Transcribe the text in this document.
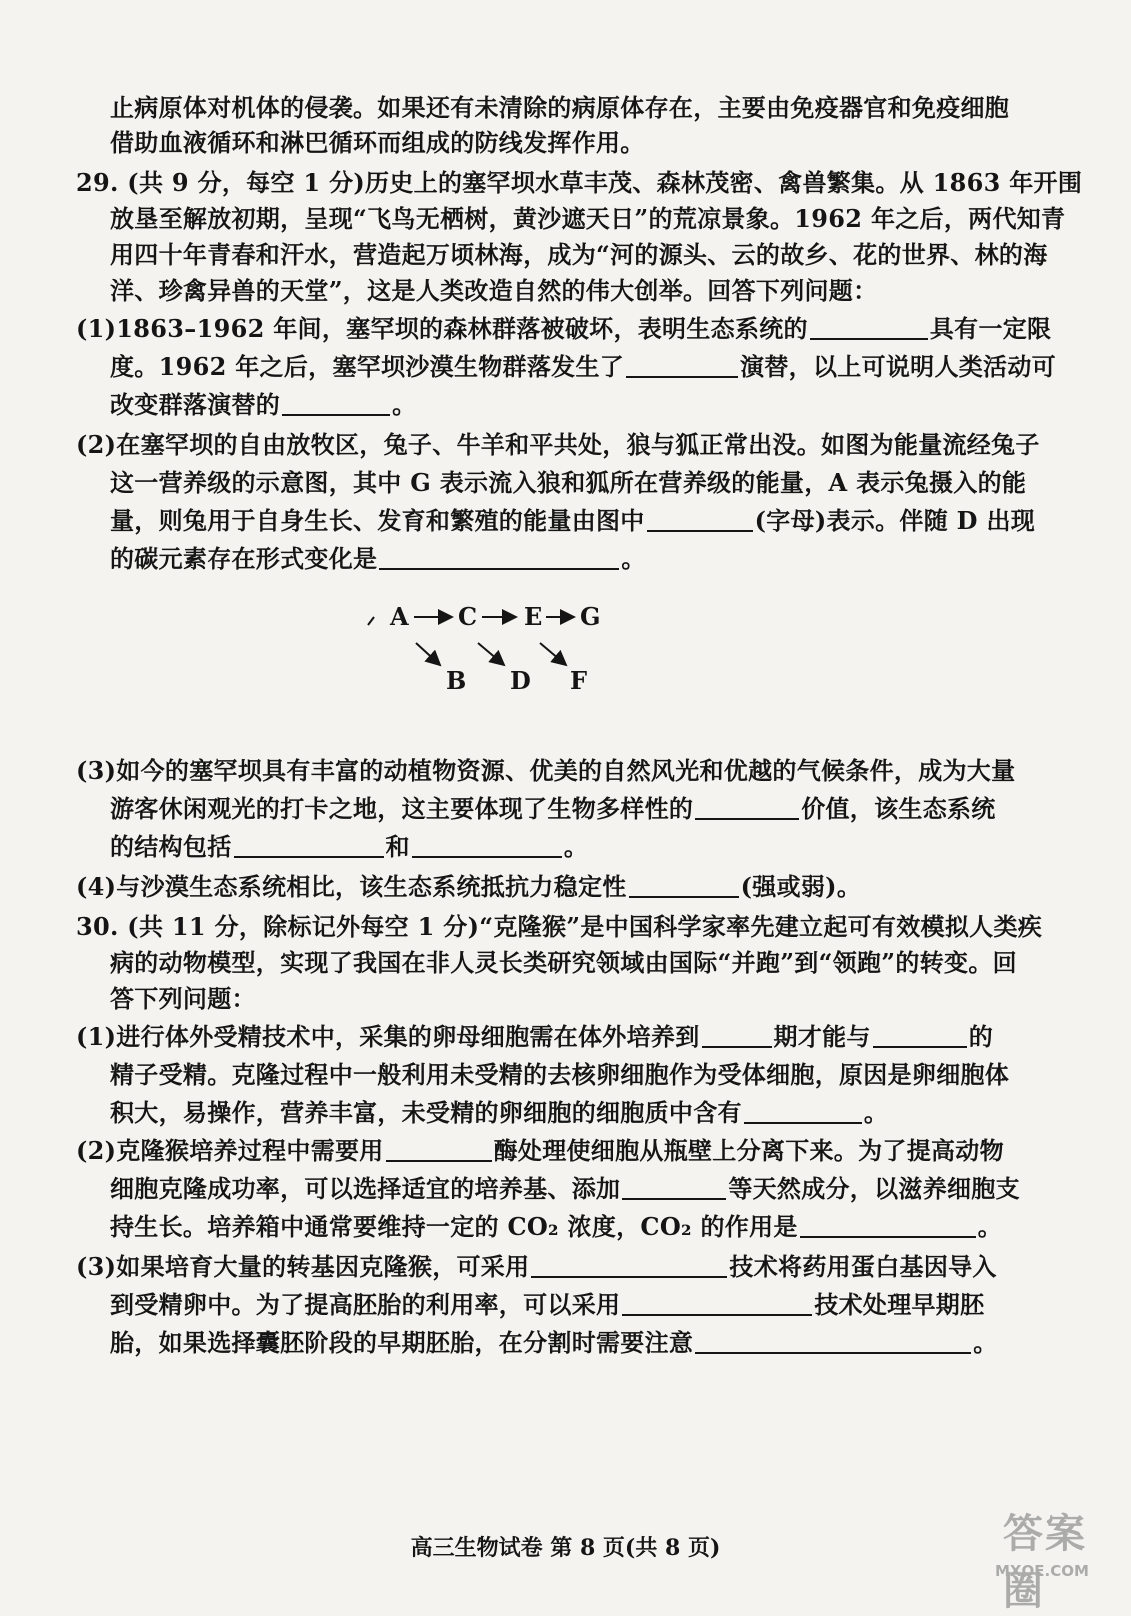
止病原体对机体的侵袭。如果还有未清除的病原体存在，主要由免疫器官和免疫细胞
借助血液循环和淋巴循环而组成的防线发挥作用。
29. (共 9 分，每空 1 分)历史上的塞罕坝水草丰茂、森林茂密、禽兽繁集。从 1863 年开围
放垦至解放初期，呈现“飞鸟无栖树，黄沙遮天日”的荒凉景象。1962 年之后，两代知青
用四十年青春和汗水，营造起万顷林海，成为“河的源头、云的故乡、花的世界、林的海
洋、珍禽异兽的天堂”，这是人类改造自然的伟大创举。回答下列问题：
(1)1863–1962 年间，塞罕坝的森林群落被破坏，表明生态系统的	具有一定限
度。1962 年之后，塞罕坝沙漠生物群落发生了	演替，以上可说明人类活动可
改变群落演替的	。
(2)在塞罕坝的自由放牧区，兔子、牛羊和平共处，狼与狐正常出没。如图为能量流经兔子
这一营养级的示意图，其中 G 表示流入狼和狐所在营养级的能量，A 表示兔摄入的能
量，则兔用于自身生长、发育和繁殖的能量由图中	(字母)表示。伴随 D 出现
的碳元素存在形式变化是	。
A C E G
B D F
(3)如今的塞罕坝具有丰富的动植物资源、优美的自然风光和优越的气候条件，成为大量
游客休闲观光的打卡之地，这主要体现了生物多样性的	价值，该生态系统
的结构包括	和	。
(4)与沙漠生态系统相比，该生态系统抵抗力稳定性	(强或弱)。
30. (共 11 分，除标记外每空 1 分)“克隆猴”是中国科学家率先建立起可有效模拟人类疾
病的动物模型，实现了我国在非人灵长类研究领域由国际“并跑”到“领跑”的转变。回
答下列问题：
(1)进行体外受精技术中，采集的卵母细胞需在体外培养到	期才能与	的
精子受精。克隆过程中一般利用未受精的去核卵细胞作为受体细胞，原因是卵细胞体
积大，易操作，营养丰富，未受精的卵细胞的细胞质中含有	。
(2)克隆猴培养过程中需要用	酶处理使细胞从瓶壁上分离下来。为了提高动物
细胞克隆成功率，可以选择适宜的培养基、添加	等天然成分，以滋养细胞支
持生长。培养箱中通常要维持一定的 CO₂ 浓度，CO₂ 的作用是	。
(3)如果培育大量的转基因克隆猴，可采用	技术将药用蛋白基因导入
到受精卵中。为了提高胚胎的利用率，可以采用	技术处理早期胚
胎，如果选择囊胚阶段的早期胚胎，在分割时需要注意	。
高三生物试卷 第 8 页(共 8 页)	答案圈
MXQE.COM
